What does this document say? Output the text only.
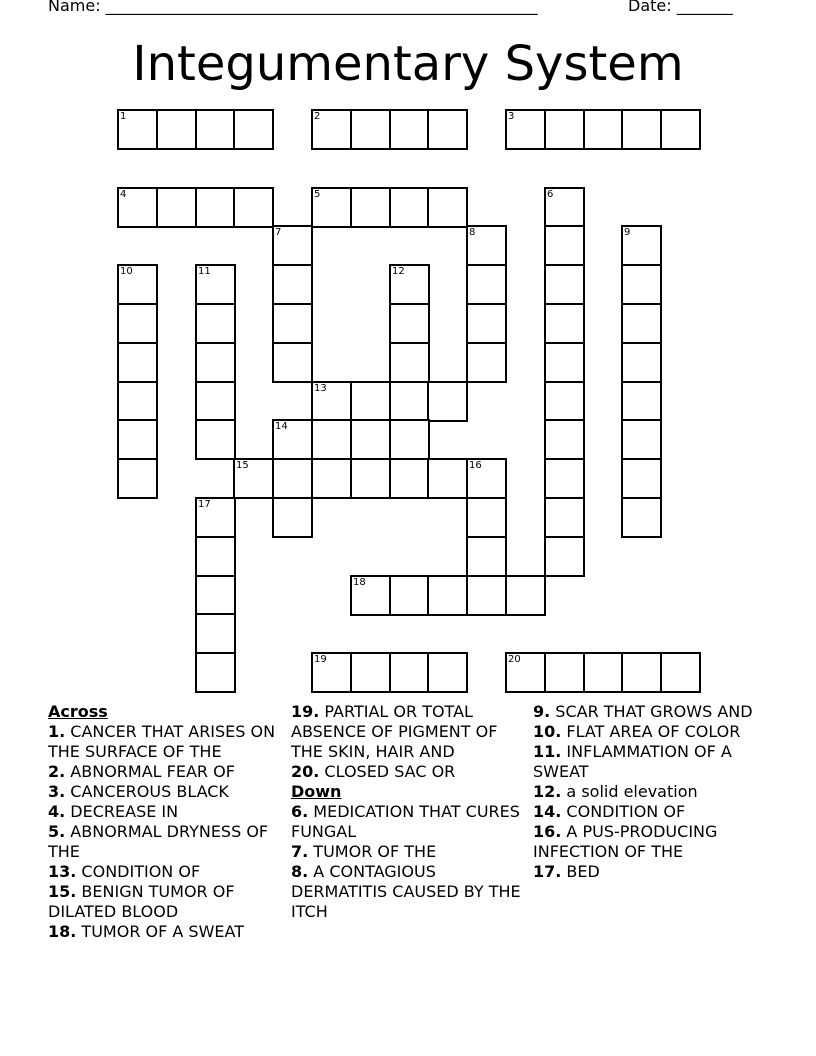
Name: ______________________________________________________	Date: _______
Integumentary System
1	2	3
4	5	6
7	8	9
10	11	12
13
14
15	16
17
18
19	20
Across
1. CANCER THAT ARISES ON THE SURFACE OF THE
2. ABNORMAL FEAR OF
3. CANCEROUS BLACK
4. DECREASE IN
5. ABNORMAL DRYNESS OF THE
13. CONDITION OF
15. BENIGN TUMOR OF DILATED BLOOD
18. TUMOR OF A SWEAT
19. PARTIAL OR TOTAL ABSENCE OF PIGMENT OF THE SKIN, HAIR AND
20. CLOSED SAC OR
Down
6. MEDICATION THAT CURES FUNGAL
7. TUMOR OF THE
8. A CONTAGIOUS DERMATITIS CAUSED BY THE ITCH
9. SCAR THAT GROWS AND
10. FLAT AREA OF COLOR
11. INFLAMMATION OF A SWEAT
12. a solid elevation
14. CONDITION OF
16. A PUS-PRODUCING INFECTION OF THE
17. BED
